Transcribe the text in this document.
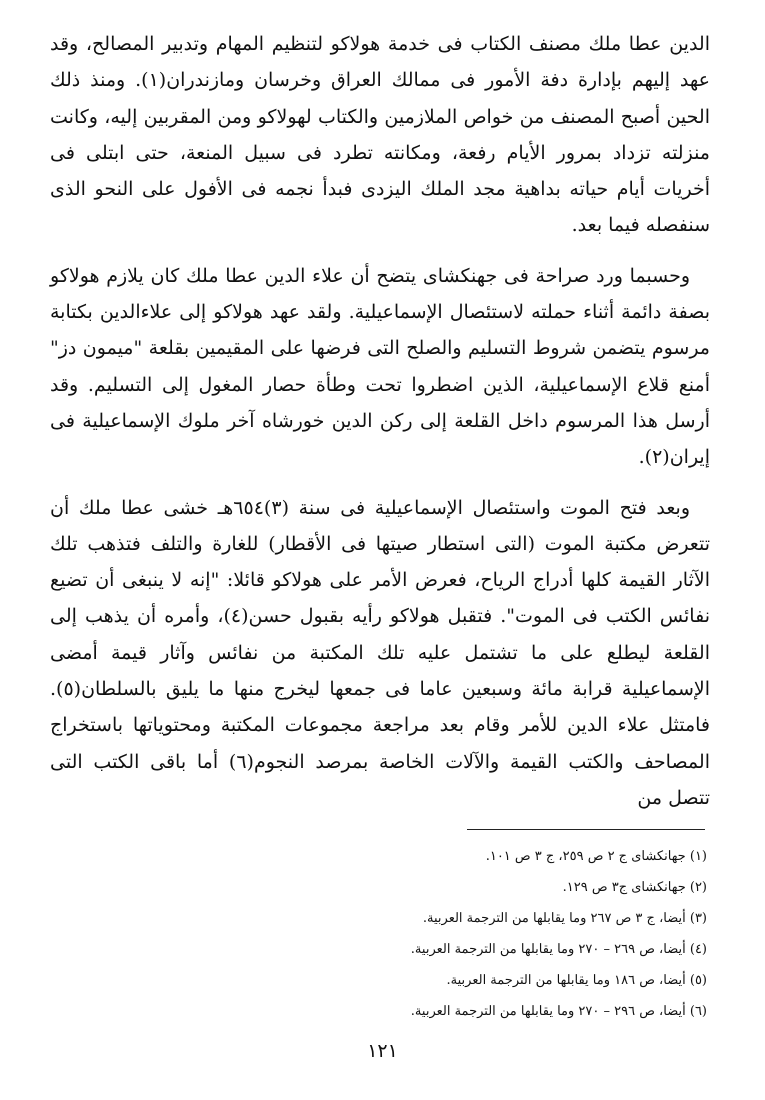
الدين عطا ملك مصنف الكتاب فى خدمة هولاكو لتنظيم المهام وتدبير المصالح، وقد عهد إليهم بإدارة دفة الأمور فى ممالك العراق وخرسان ومازندران(١). ومنذ ذلك الحين أصبح المصنف من خواص الملازمين والكتاب لهولاكو ومن المقربين إليه، وكانت منزلته تزداد بمرور الأيام رفعة، ومكانته تطرد فى سبيل المنعة، حتى ابتلى فى أخريات أيام حياته بداهية مجد الملك اليزدى فبدأ نجمه فى الأفول على النحو الذى سنفصله فيما بعد.

وحسبما ورد صراحة فى جهنكشاى يتضح أن علاء الدين عطا ملك كان يلازم هولاكو بصفة دائمة أثناء حملته لاستئصال الإسماعيلية. ولقد عهد هولاكو إلى علاءالدين بكتابة مرسوم يتضمن شروط التسليم والصلح التى فرضها على المقيمين بقلعة "ميمون دز" أمنع قلاع الإسماعيلية، الذين اضطروا تحت وطأة حصار المغول إلى التسليم. وقد أرسل هذا المرسوم داخل القلعة إلى ركن الدين خورشاه آخر ملوك الإسماعيلية فى إيران(٢).

وبعد فتح الموت واستئصال الإسماعيلية فى سنة (٣)٦٥٤هـ خشى عطا ملك أن تتعرض مكتبة الموت (التى استطار صيتها فى الأقطار) للغارة والتلف فتذهب تلك الآثار القيمة كلها أدراج الرياح، فعرض الأمر على هولاكو قائلا: "إنه لا ينبغى أن تضيع نفائس الكتب فى الموت". فتقبل هولاكو رأيه بقبول حسن(٤)، وأمره أن يذهب إلى القلعة ليطلع على ما تشتمل عليه تلك المكتبة من نفائس وآثار قيمة أمضى الإسماعيلية قرابة مائة وسبعين عاما فى جمعها ليخرج منها ما يليق بالسلطان(٥). فامتثل علاء الدين للأمر وقام بعد مراجعة مجموعات المكتبة ومحتوياتها باستخراج المصاحف والكتب القيمة والآلات الخاصة بمرصد النجوم(٦) أما باقى الكتب التى تتصل من

(١) جهانكشاى ج ٢ ص ٢٥٩، ج ٣ ص ١٠١.
(٢) جهانكشاى ج٣ ص ١٢٩.
(٣) أيضا، ج ٣ ص ٢٦٧ وما يقابلها من الترجمة العربية.
(٤) أيضا، ص ٢٦٩ – ٢٧٠ وما يقابلها من الترجمة العربية.
(٥) أيضا، ص ١٨٦ وما يقابلها من الترجمة العربية.
(٦) أيضا، ص ٢٩٦ – ٢٧٠ وما يقابلها من الترجمة العربية.
١٢١
